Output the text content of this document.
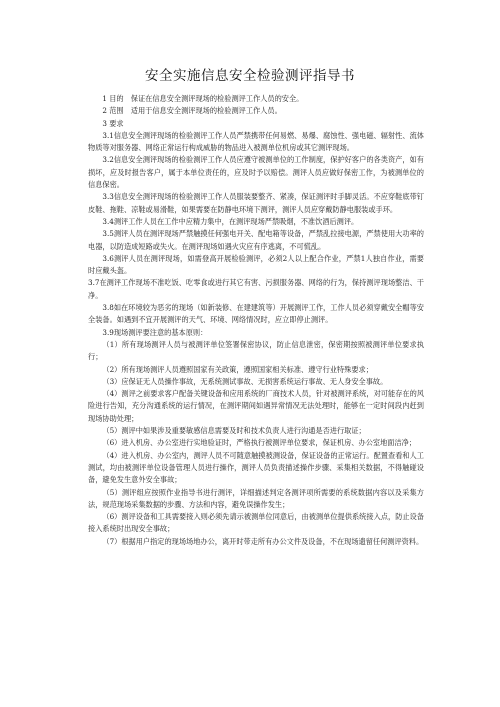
安全实施信息安全检验测评指导书

1 目的　保证在信息安全测评现场的检验测评工作人员的安全。

2 范围　适用于信息安全测评现场的检验测评工作人员。

3 要求

3.1信息安全测评现场的检验测评工作人员严禁携带任何易燃、易爆、腐蚀性、强电磁、辐射性、流体物质等对服务器、网络正常运行构成威胁的物品进入被测单位机房或其它测评现场。

3.2信息安全测评现场的检验测评工作人员应遵守被测单位的工作制度，保护好客户的各类资产，如有损坏，应及时报告客户，属于本单位责任的，应及时予以赔偿。测评人员应做好保密工作，为被测单位的信息保密。

3.3信息安全测评现场的检验测评工作人员服装要整齐、紧凑，保证测评时手脚灵活。不应穿鞋底带钉皮鞋、拖鞋、凉鞋或易滑鞋，如果需要在防静电环境下测评，测评人员应穿戴防静电服装或手环。

3.4测评工作人员在工作中应精力集中，在测评现场严禁吸烟，不准饮酒后测评。

3.5测评人员在测评现场严禁触摸任何强电开关、配电箱等设备，严禁乱拉接电源，严禁使用大功率的电器，以防造成短路或失火。在测评现场如遇火灾应有序逃离，不可慌乱。

3.6测评人员在测评现场，如需登高开展检验测评，必须2人以上配合作业，严禁1人独自作业，需要时应戴头盔。

3.7在测评工作现场不准吃饭、吃零食或进行其它有害、污损服务器、网络的行为，保持测评现场整洁、干净。

3.8如在环境较为恶劣的现场（如新装修、在建建筑等）开展测评工作，工作人员必须穿戴安全帽等安全装备。如遇到不宜开展测评的天气、环境、网络情况时，应立即停止测评。

3.9现场测评要注意的基本原则：

（1）所有现场测评人员与被测评单位签署保密协议，防止信息泄密，保密期按照被测评单位要求执行；

（2）所有现场测评人员遵照国家有关政策，遵照国家相关标准、遵守行业特殊要求；

（3）应保证无人员操作事故，无系统测试事故、无损害系统运行事故、无人身安全事故。

（4）测评之前要求客户配备关键设备和应用系统的厂商技术人员，针对被测评系统，对可能存在的风险进行告知，充分沟通系统的运行情况，在测评期间如遇异常情况无法处理时，能够在一定时间段内赶到现场协助处理；

（5）测评中如果涉及重要敏感信息需要及时和技术负责人进行沟通是否进行取证；

（6）进入机房、办公室进行实地验证时，严格执行被测评单位要求，保证机房、办公室地面洁净；

（4）进入机房、办公室内，测评人员不可随意触摸被测设备，保证设备的正常运行。配置查看和人工测试，均由被测评单位设备管理人员进行操作，测评人员负责描述操作步骤、采集相关数据，不得触碰设备，避免发生意外安全事故；

（5）测评组应按照作业指导书进行测评，详细描述判定各测评项所需要的系统数据内容以及采集方法，规范现场采集数据的步骤、方法和内容，避免误操作发生；

（6）测评设备和工具需要接入则必须先请示被测单位同意后，由被测单位提供系统接入点，防止设备接入系统时出现安全事故；

（7）根据用户指定的现场场地办公，离开时带走所有办公文件及设备，不在现场遗留任何测评资料。
